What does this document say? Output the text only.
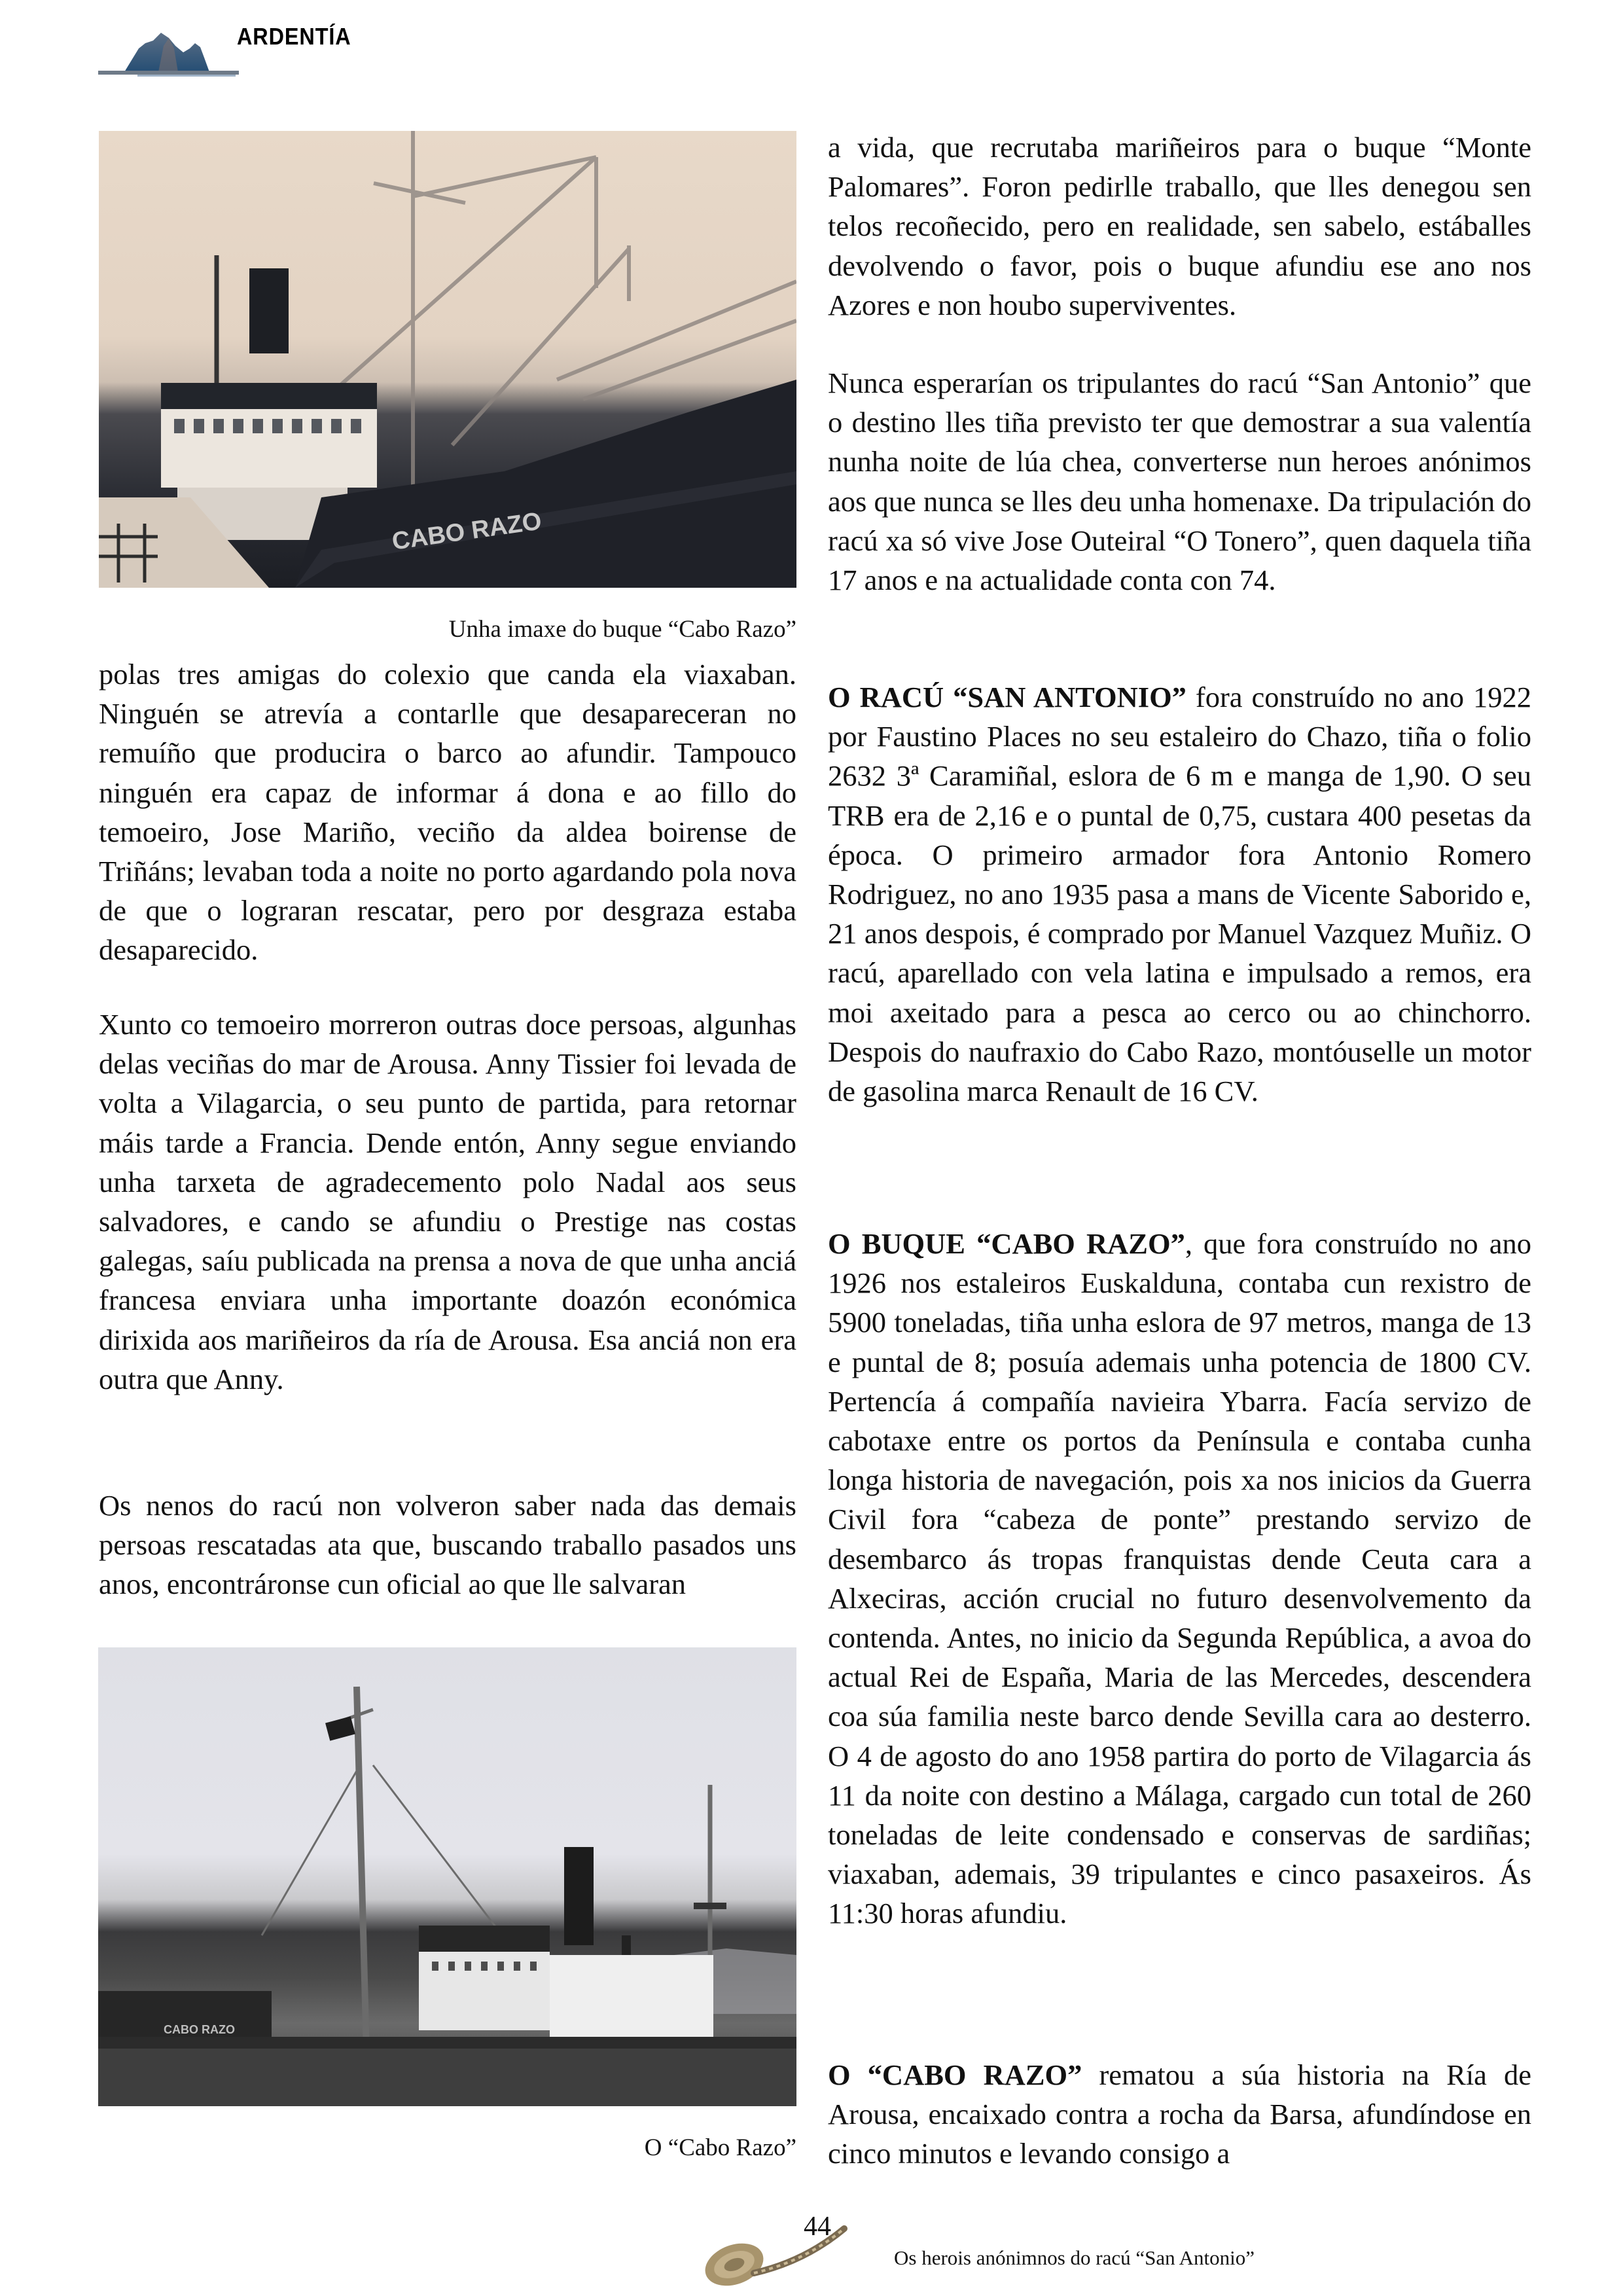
ARDENTÍA
CABO RAZO
Unha imaxe do buque “Cabo Razo”

polas tres amigas do colexio que canda ela viaxaban. Ninguén se atrevía a contarlle que desapareceran no remuíño que producira o barco ao afundir. Tampouco ninguén era capaz de informar á dona e ao fillo do temoeiro, Jose Mariño, veciño da aldea boirense de Triñáns; levaban toda a noite no porto agardando pola nova de que o lograran rescatar, pero por desgraza estaba desaparecido.

Xunto co temoeiro morreron outras doce persoas, algunhas delas veciñas do mar de Arousa. Anny Tissier foi levada de volta a Vilagarcia, o seu punto de partida, para retornar máis tarde a Francia. Dende entón, Anny segue enviando unha tarxeta de agradecemento polo Nadal aos seus salvadores, e cando se afundiu o Prestige nas costas galegas, saíu publicada na prensa a nova de que unha anciá francesa enviara unha importante doazón económica dirixida aos mariñeiros da ría de Arousa. Esa anciá non era outra que Anny.

Os nenos do racú non volveron saber nada das demais persoas rescatadas ata que, buscando traballo pasados uns anos, encontráronse cun oficial ao que lle salvaran

CABO RAZO
O “Cabo Razo”

a vida, que recrutaba mariñeiros para o buque “Monte Palomares”. Foron pedirlle traballo, que lles denegou sen telos recoñecido, pero en realidade, sen sabelo, estáballes devolvendo o favor, pois o buque afundiu ese ano nos Azores e non houbo superviventes.

Nunca esperarían os tripulantes do racú “San Antonio” que o destino lles tiña previsto ter que demostrar a sua valentía nunha noite de lúa chea, converterse nun heroes anónimos aos que nunca se lles deu unha homenaxe. Da tripulación do racú xa só vive Jose Outeiral “O Tonero”, quen daquela tiña 17 anos e na actualidade conta con 74.

O RACÚ “SAN ANTONIO” fora construído no ano 1922 por Faustino Places no seu estaleiro do Chazo, tiña o folio 2632 3ª Caramiñal, eslora de 6 m e manga de 1,90. O seu TRB era de 2,16 e o puntal de 0,75, custara 400 pesetas da época. O primeiro armador fora Antonio Romero Rodriguez, no ano 1935 pasa a mans de Vicente Saborido e, 21 anos despois, é comprado por Manuel Vazquez Muñiz. O racú, aparellado con vela latina e impulsado a remos, era moi axeitado para a pesca ao cerco ou ao chinchorro. Despois do naufraxio do Cabo Razo, montóuselle un motor de gasolina marca Renault de 16 CV.

O BUQUE “CABO RAZO”, que fora construído no ano 1926 nos estaleiros Euskalduna, contaba cun rexistro de 5900 toneladas, tiña unha eslora de 97 metros, manga de 13 e puntal de 8; posuía ademais unha potencia de 1800 CV. Pertencía á compañía navieira Ybarra. Facía servizo de cabotaxe entre os portos da Península e contaba cunha longa historia de navegación, pois xa nos inicios da Guerra Civil fora “cabeza de ponte” prestando servizo de desembarco ás tropas franquistas dende Ceuta cara a Alxeciras, acción crucial no futuro desenvolvemento da contenda. Antes, no inicio da Segunda República, a avoa do actual Rei de España, Maria de las Mercedes, descendera coa súa familia neste barco dende Sevilla cara ao desterro. O 4 de agosto do ano 1958 partira do porto de Vilagarcia ás 11 da noite con destino a Málaga, cargado cun total de 260 toneladas de leite condensado e conservas de sardiñas; viaxaban, ademais, 39 tripulantes e cinco pasaxeiros. Ás 11:30 horas afundiu.

O “CABO RAZO” rematou a súa historia na Ría de Arousa, encaixado contra a rocha da Barsa, afundíndose en cinco minutos e levando consigo a

44
Os herois anónimnos do racú “San Antonio”
